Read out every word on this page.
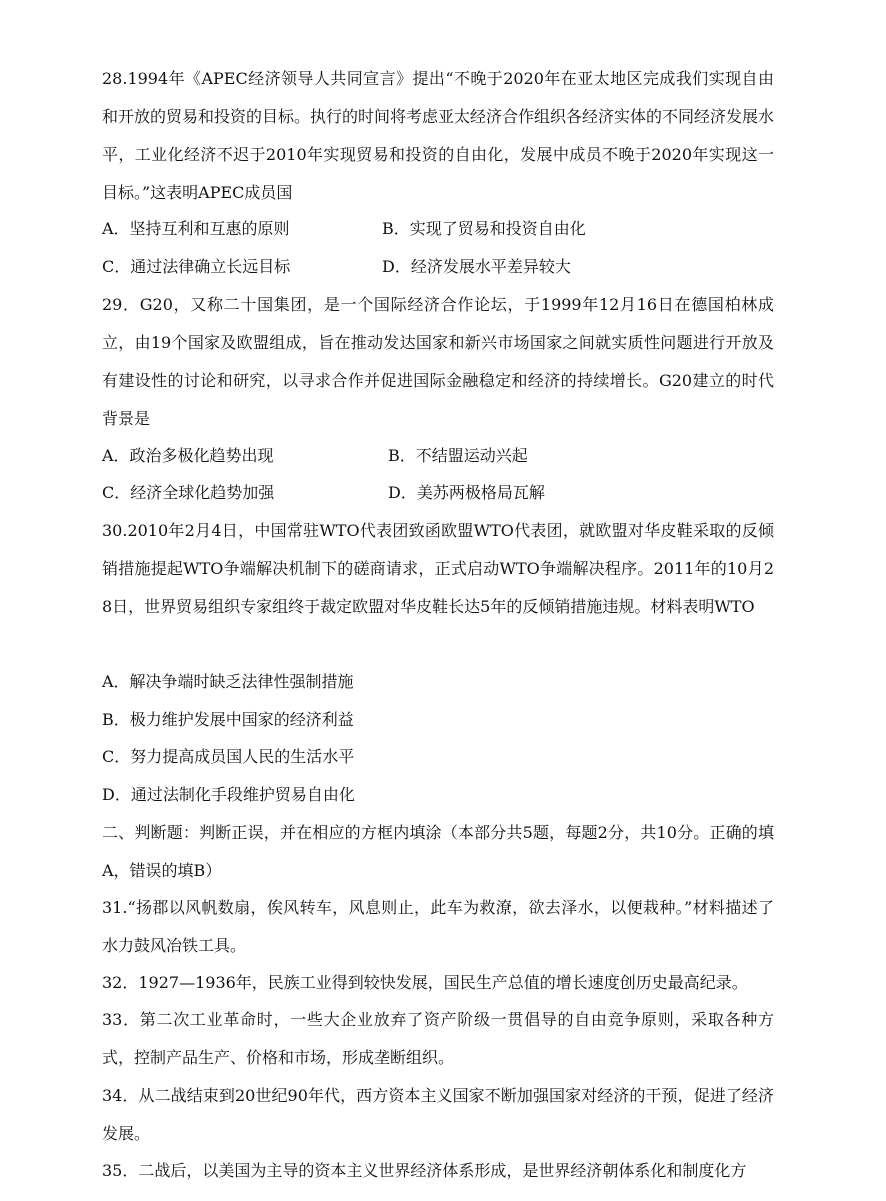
28.1994年《APEC经济领导人共同宣言》提出“不晚于2020年在亚太地区完成我们实现自由和开放的贸易和投资的目标。执行的时间将考虑亚太经济合作组织各经济实体的不同经济发展水平，工业化经济不迟于2010年实现贸易和投资的自由化，发展中成员不晚于2020年实现这一目标。”这表明APEC成员国
A．坚持互利和互惠的原则	B．实现了贸易和投资自由化
C．通过法律确立长远目标	D．经济发展水平差异较大
29．G20，又称二十国集团，是一个国际经济合作论坛，于1999年12月16日在德国柏林成立，由19个国家及欧盟组成，旨在推动发达国家和新兴市场国家之间就实质性问题进行开放及有建设性的讨论和研究，以寻求合作并促进国际金融稳定和经济的持续增长。G20建立的时代背景是
A．政治多极化趋势出现	B．不结盟运动兴起
C．经济全球化趋势加强	D．美苏两极格局瓦解
30.2010年2月4日，中国常驻WTO代表团致函欧盟WTO代表团，就欧盟对华皮鞋采取的反倾销措施提起WTO争端解决机制下的磋商请求，正式启动WTO争端解决程序。2011年的10月28日，世界贸易组织专家组终于裁定欧盟对华皮鞋长达5年的反倾销措施违规。材料表明WTO
A．解决争端时缺乏法律性强制措施
B．极力维护发展中国家的经济利益
C．努力提高成员国人民的生活水平
D．通过法制化手段维护贸易自由化
二、判断题：判断正误，并在相应的方框内填涂（本部分共5题，每题2分，共10分。正确的填A，错误的填B）
31.“扬郡以风帆数扇，俟风转车，风息则止，此车为救潦，欲去泽水，以便栽种。”材料描述了水力鼓风冶铁工具。
32．1927—1936年，民族工业得到较快发展，国民生产总值的增长速度创历史最高纪录。
33．第二次工业革命时，一些大企业放弃了资产阶级一贯倡导的自由竞争原则，采取各种方式，控制产品生产、价格和市场，形成垄断组织。
34．从二战结束到20世纪90年代，西方资本主义国家不断加强国家对经济的干预，促进了经济发展。
35．二战后，以美国为主导的资本主义世界经济体系形成，是世界经济朝体系化和制度化方
